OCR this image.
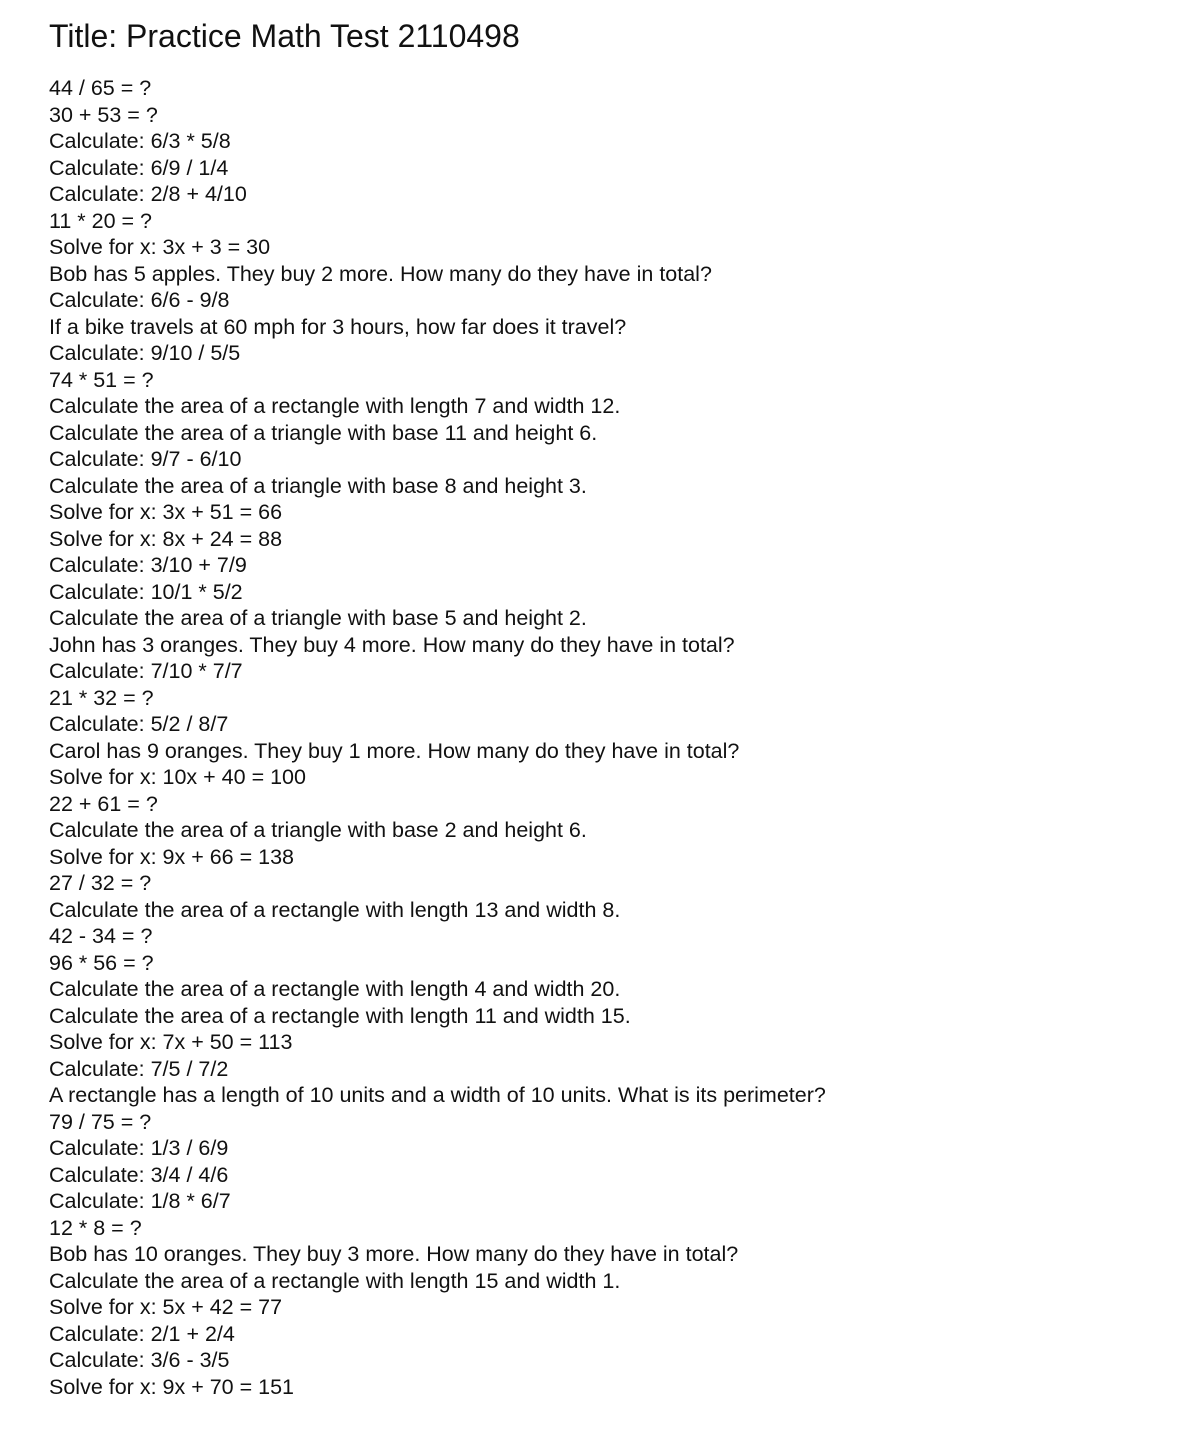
Title: Practice Math Test 2110498
44 / 65 = ?
30 + 53 = ?
Calculate: 6/3 * 5/8
Calculate: 6/9 / 1/4
Calculate: 2/8 + 4/10
11 * 20 = ?
Solve for x: 3x + 3 = 30
Bob has 5 apples. They buy 2 more. How many do they have in total?
Calculate: 6/6 - 9/8
If a bike travels at 60 mph for 3 hours, how far does it travel?
Calculate: 9/10 / 5/5
74 * 51 = ?
Calculate the area of a rectangle with length 7 and width 12.
Calculate the area of a triangle with base 11 and height 6.
Calculate: 9/7 - 6/10
Calculate the area of a triangle with base 8 and height 3.
Solve for x: 3x + 51 = 66
Solve for x: 8x + 24 = 88
Calculate: 3/10 + 7/9
Calculate: 10/1 * 5/2
Calculate the area of a triangle with base 5 and height 2.
John has 3 oranges. They buy 4 more. How many do they have in total?
Calculate: 7/10 * 7/7
21 * 32 = ?
Calculate: 5/2 / 8/7
Carol has 9 oranges. They buy 1 more. How many do they have in total?
Solve for x: 10x + 40 = 100
22 + 61 = ?
Calculate the area of a triangle with base 2 and height 6.
Solve for x: 9x + 66 = 138
27 / 32 = ?
Calculate the area of a rectangle with length 13 and width 8.
42 - 34 = ?
96 * 56 = ?
Calculate the area of a rectangle with length 4 and width 20.
Calculate the area of a rectangle with length 11 and width 15.
Solve for x: 7x + 50 = 113
Calculate: 7/5 / 7/2
A rectangle has a length of 10 units and a width of 10 units. What is its perimeter?
79 / 75 = ?
Calculate: 1/3 / 6/9
Calculate: 3/4 / 4/6
Calculate: 1/8 * 6/7
12 * 8 = ?
Bob has 10 oranges. They buy 3 more. How many do they have in total?
Calculate the area of a rectangle with length 15 and width 1.
Solve for x: 5x + 42 = 77
Calculate: 2/1 + 2/4
Calculate: 3/6 - 3/5
Solve for x: 9x + 70 = 151
